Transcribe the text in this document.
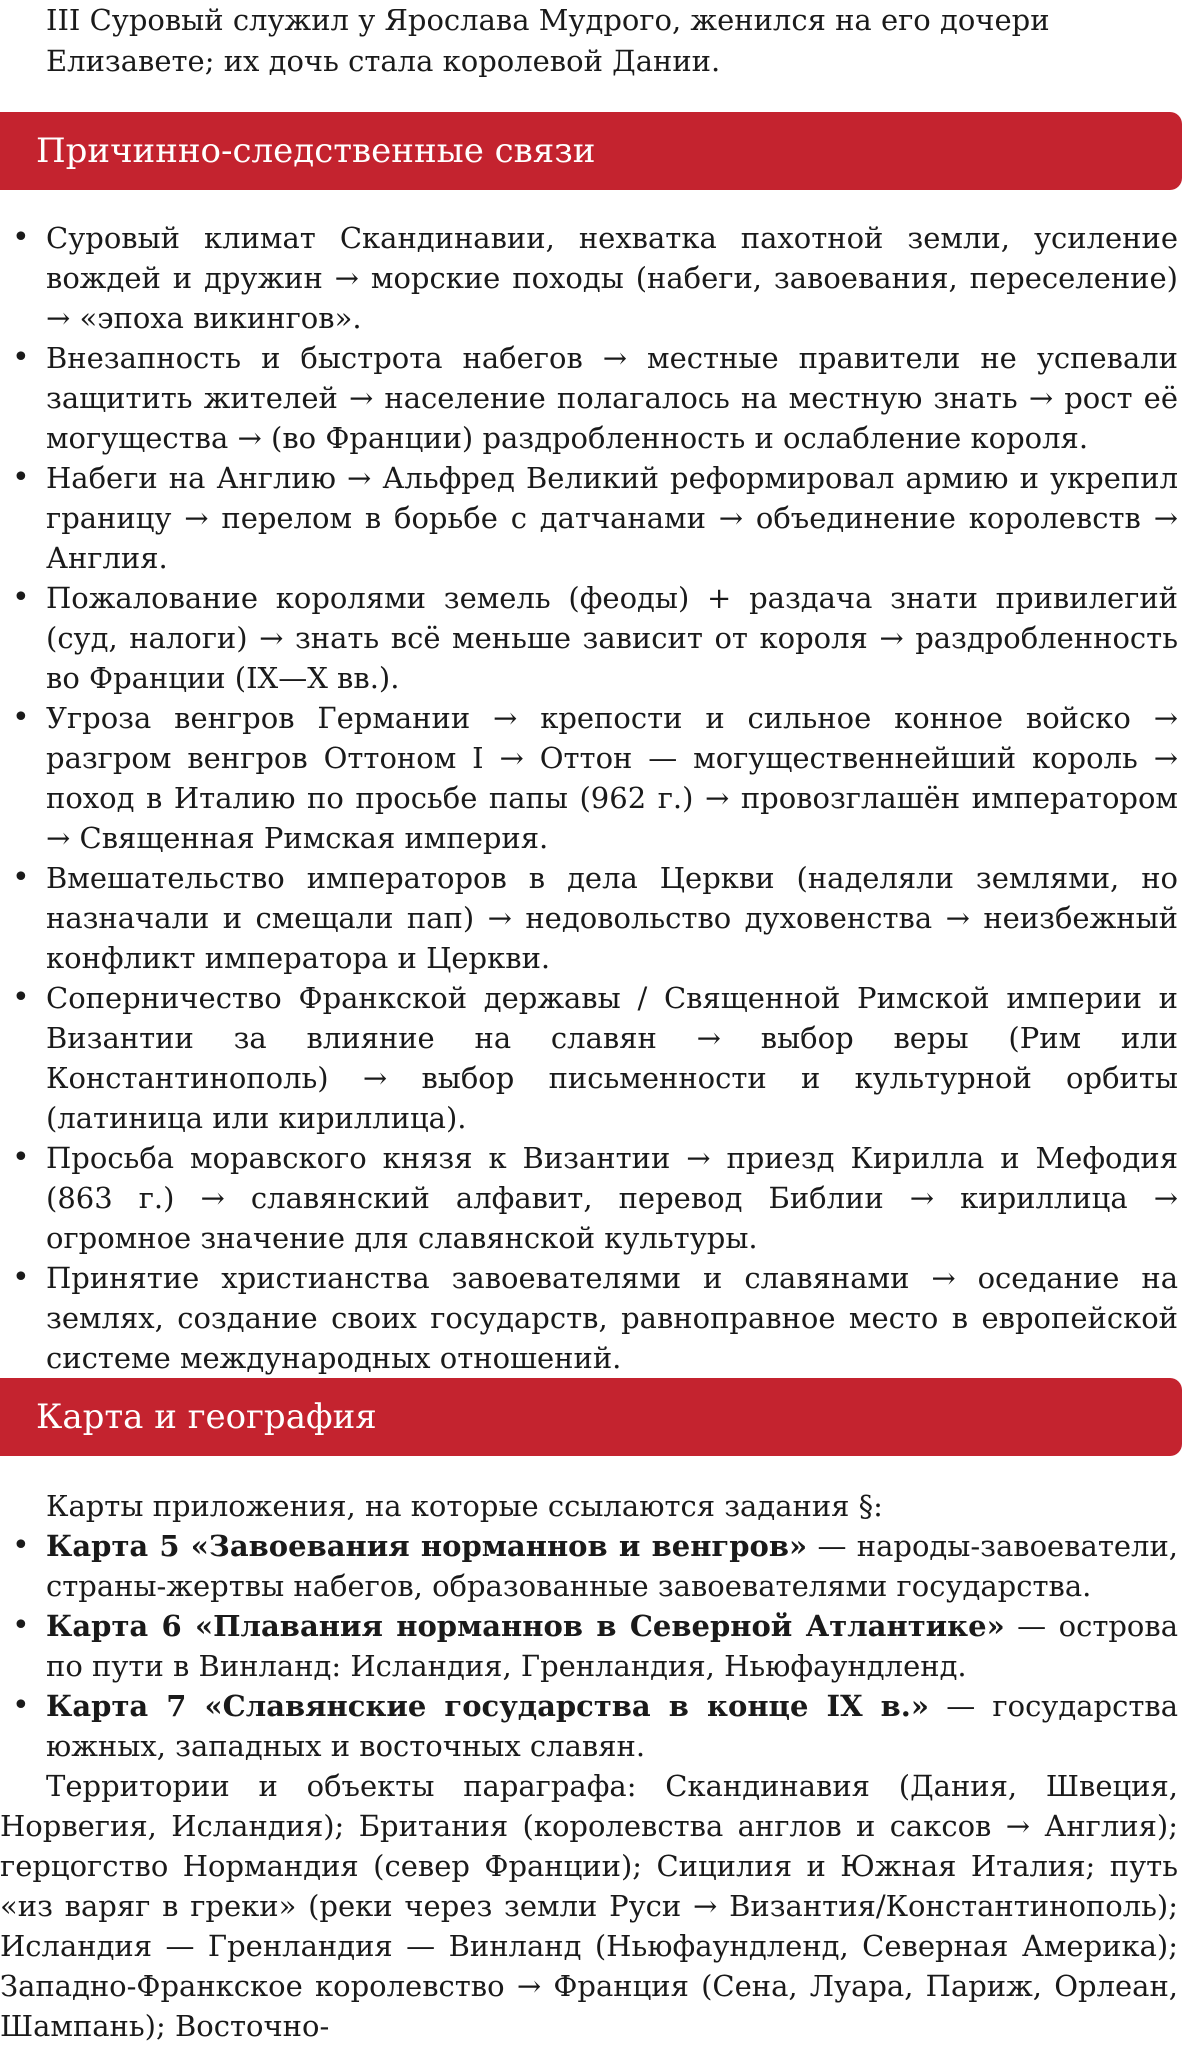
III Суровый служил у Ярослава Мудрого, женился на его дочери Елизавете; их дочь стала королевой Дании.

Причинно-следственные связи
• Суровый климат Скандинавии, нехватка пахотной земли, усиление вождей и дружин → морские походы (набеги, завоевания, переселение) → «эпоха викингов».
• Внезапность и быстрота набегов → местные правители не успевали защитить жителей → население полагалось на местную знать → рост её могущества → (во Франции) раздробленность и ослабление короля.
• Набеги на Англию → Альфред Великий реформировал армию и укрепил границу → перелом в борьбе с датчанами → объединение королевств → Англия.
• Пожалование королями земель (феоды) + раздача знати привилегий (суд, налоги) → знать всё меньше зависит от короля → раздробленность во Франции (IX—X вв.).
• Угроза венгров Германии → крепости и сильное конное войско → разгром венгров Оттоном I → Оттон — могущественнейший король → поход в Италию по просьбе папы (962 г.) → провозглашён императором → Священная Римская империя.
• Вмешательство императоров в дела Церкви (наделяли землями, но назначали и смещали пап) → недовольство духовенства → неизбежный конфликт императора и Церкви.
• Соперничество Франкской державы / Священной Римской империи и Византии за влияние на славян → выбор веры (Рим или Константинополь) → выбор письменности и культурной орбиты (латиница или кириллица).
• Просьба моравского князя к Византии → приезд Кирилла и Мефодия (863 г.) → славянский алфавит, перевод Библии → кириллица → огромное значение для славянской культуры.
• Принятие христианства завоевателями и славянами → оседание на землях, создание своих государств, равноправное место в европейской системе международных отношений.
Карта и география

Карты приложения, на которые ссылаются задания §:

• Карта 5 «Завоевания норманнов и венгров» — народы-завоеватели, страны-жертвы набегов, образованные завоевателями государства.
• Карта 6 «Плавания норманнов в Северной Атлантике» — острова по пути в Винланд: Исландия, Гренландия, Ньюфаундленд.
• Карта 7 «Славянские государства в конце IX в.» — государства южных, западных и восточных славян.

Территории и объекты параграфа: Скандинавия (Дания, Швеция, Норвегия, Исландия); Британия (королевства англов и саксов → Англия); герцогство Нормандия (север Франции); Сицилия и Южная Италия; путь «из варяг в греки» (реки через земли Руси → Византия/Константинополь); Исландия — Гренландия — Винланд (Ньюфаундленд, Северная Америка); Западно-Франкское королевство → Франция (Сена, Луара, Париж, Орлеан, Шампань); Восточно-
